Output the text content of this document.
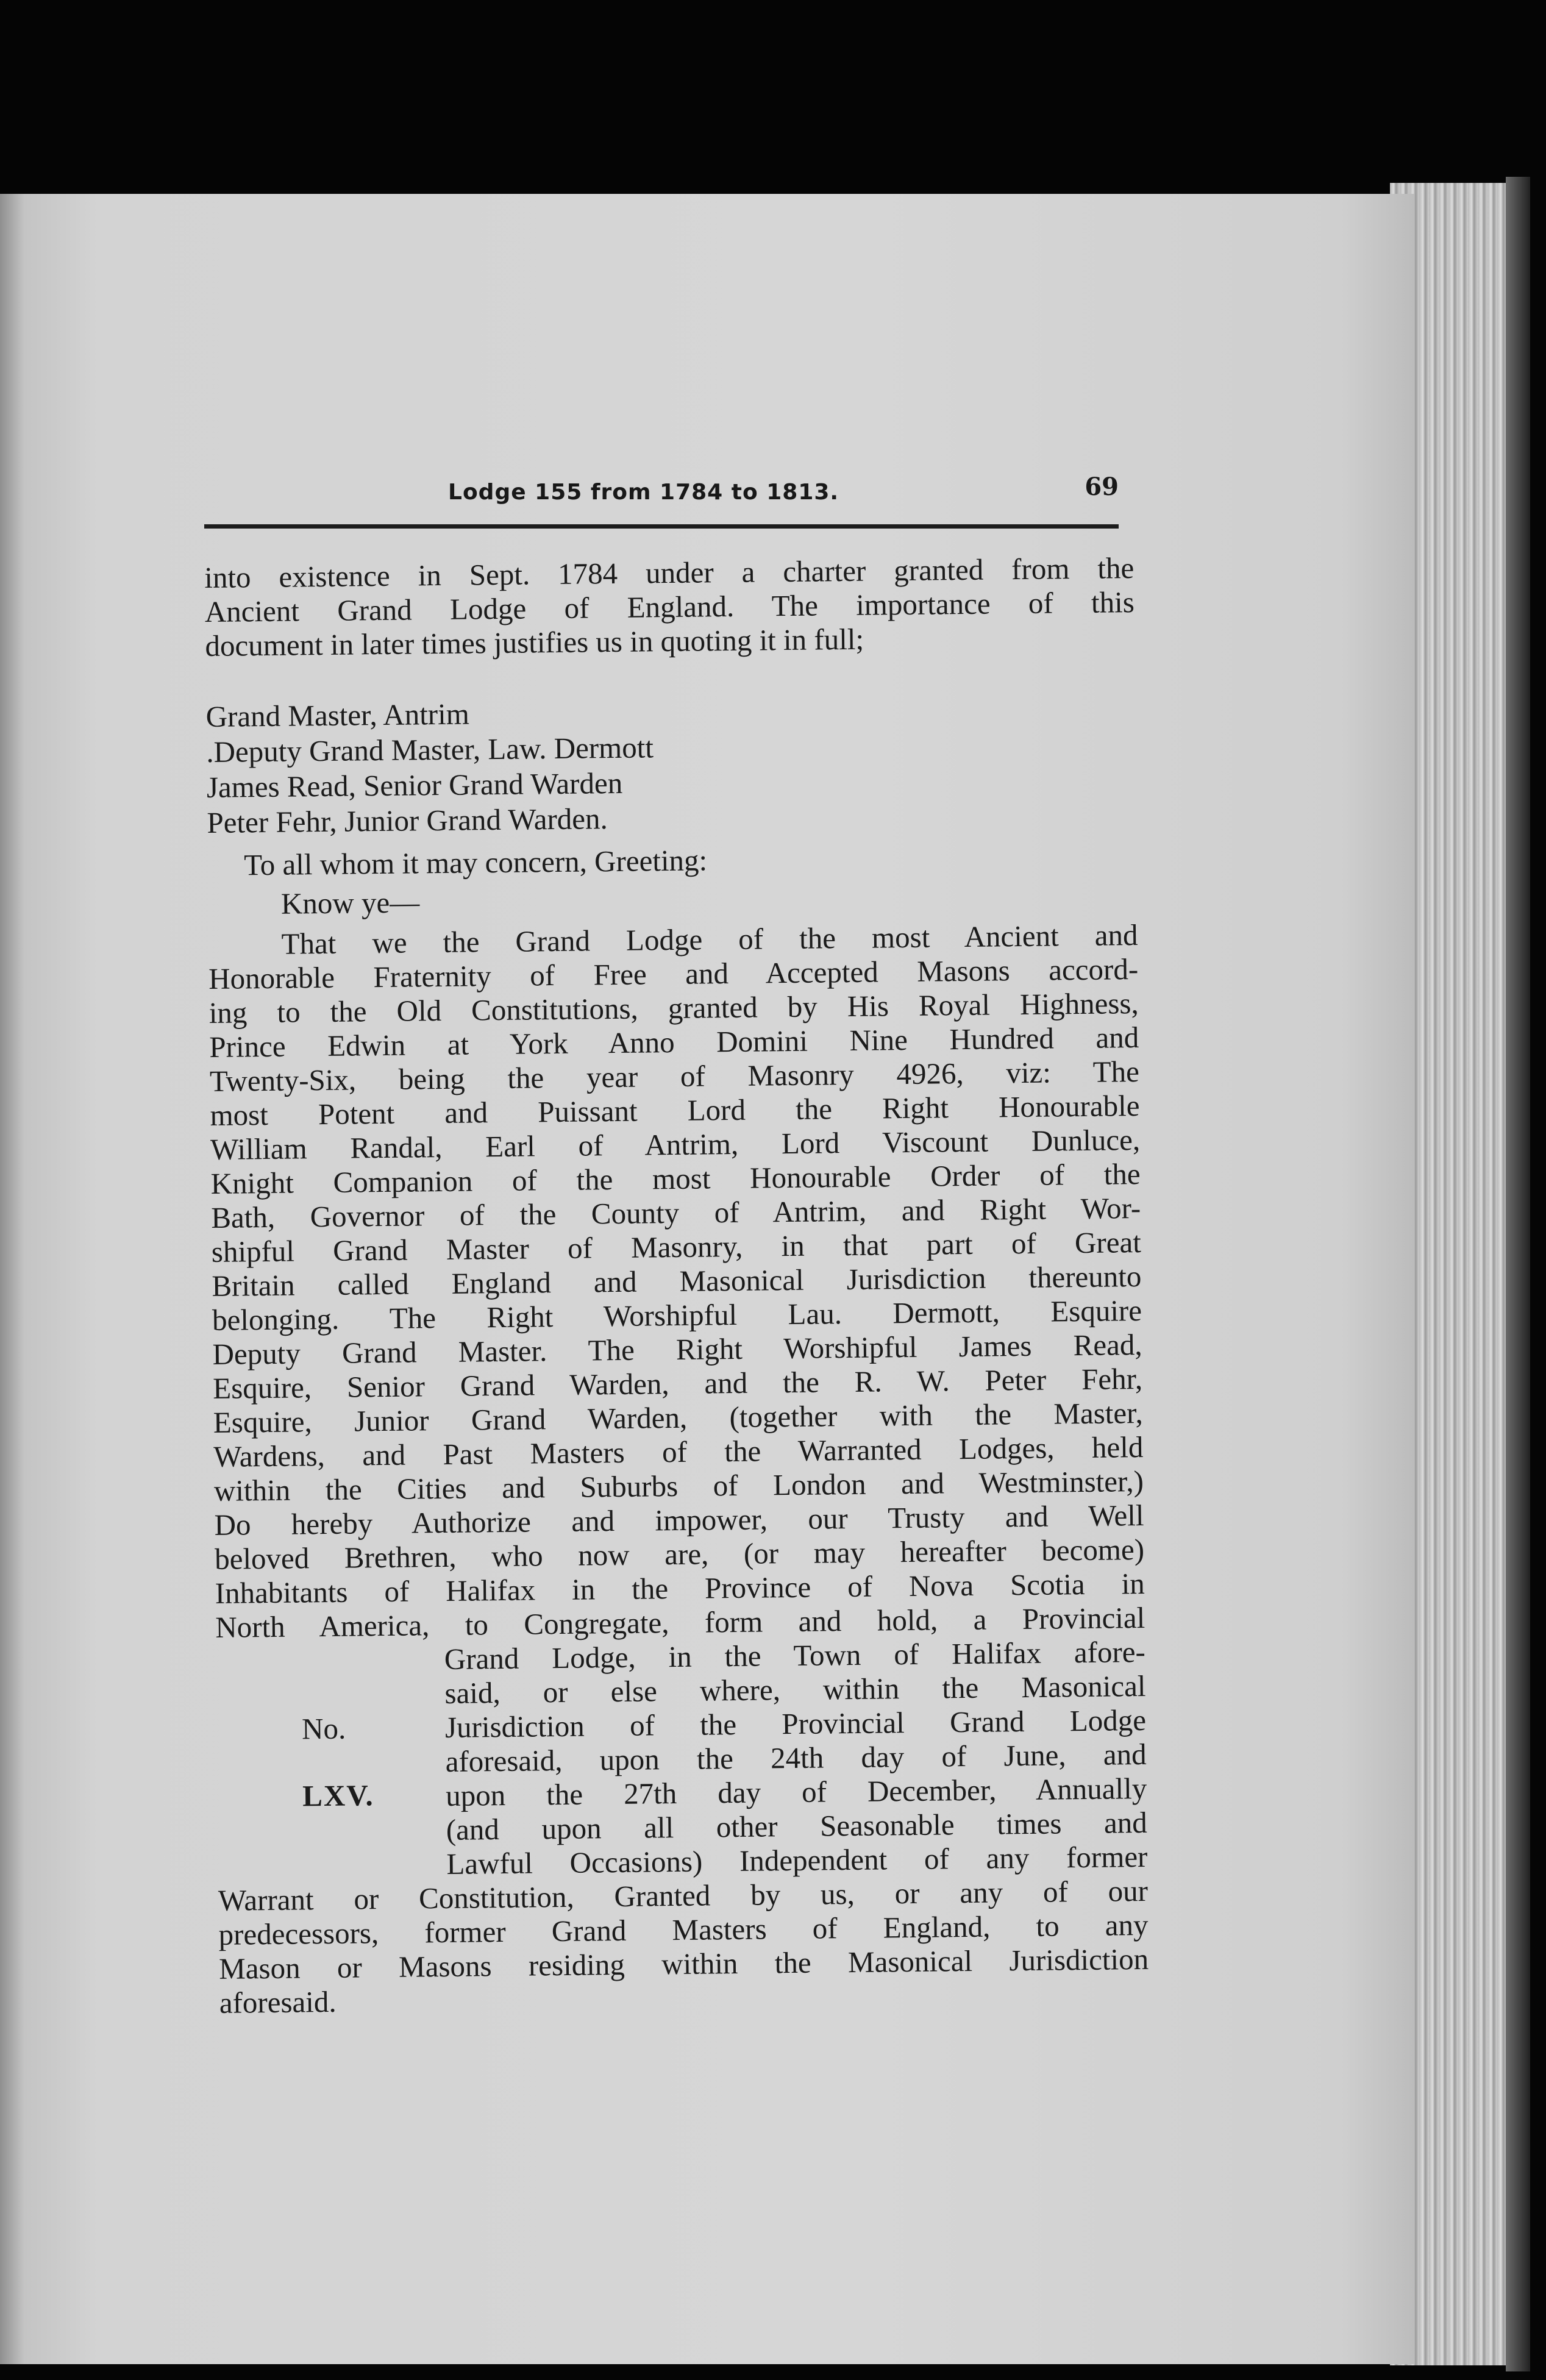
Lodge 155 from 1784 to 1813.	69
into existence in Sept. 1784 under a charter granted from the
Ancient Grand Lodge of England. The importance of this
document in later times justifies us in quoting it in full;
Grand Master, Antrim
.Deputy Grand Master, Law. Dermott
James Read, Senior Grand Warden
Peter Fehr, Junior Grand Warden.
To all whom it may concern, Greeting:
Know ye—
That we the Grand Lodge of the most Ancient and
Honorable Fraternity of Free and Accepted Masons accord-
ing to the Old Constitutions, granted by His Royal Highness,
Prince Edwin at York Anno Domini Nine Hundred and
Twenty-Six, being the year of Masonry 4926, viz: The
most Potent and Puissant Lord the Right Honourable
William Randal, Earl of Antrim, Lord Viscount Dunluce,
Knight Companion of the most Honourable Order of the
Bath, Governor of the County of Antrim, and Right Wor-
shipful Grand Master of Masonry, in that part of Great
Britain called England and Masonical Jurisdiction thereunto
belonging. The Right Worshipful Lau. Dermott, Esquire
Deputy Grand Master. The Right Worshipful James Read,
Esquire, Senior Grand Warden, and the R. W. Peter Fehr,
Esquire, Junior Grand Warden, (together with the Master,
Wardens, and Past Masters of the Warranted Lodges, held
within the Cities and Suburbs of London and Westminster,)
Do hereby Authorize and impower, our Trusty and Well
beloved Brethren, who now are, (or may hereafter become)
Inhabitants of Halifax in the Province of Nova Scotia in
North America, to Congregate, form and hold, a Provincial
No.
LXV.
Grand Lodge, in the Town of Halifax afore-
said, or else where, within the Masonical
Jurisdiction of the Provincial Grand Lodge
aforesaid, upon the 24th day of June, and
upon the 27th day of December, Annually
(and upon all other Seasonable times and
Lawful Occasions) Independent of any former
Warrant or Constitution, Granted by us, or any of our
predecessors, former Grand Masters of England, to any
Mason or Masons residing within the Masonical Jurisdiction
aforesaid.
